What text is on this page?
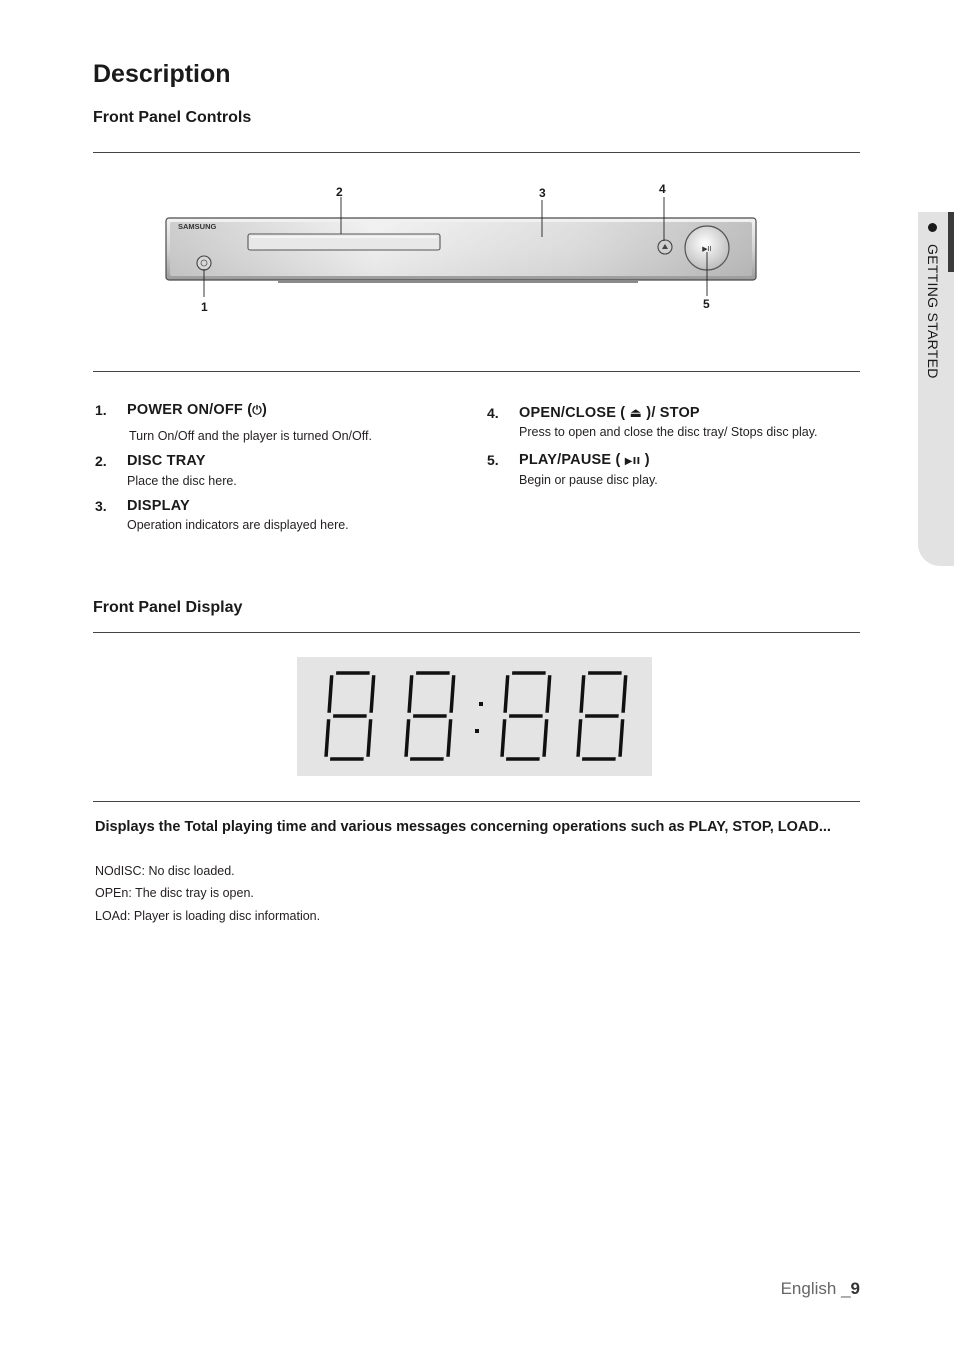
GETTING STARTED
Description
Front Panel Controls
SAMSUNG
▶II
1
2	3	4
5
1. POWER ON/OFF (⏻)
Turn On/Off and the player is turned On/Off.
2. DISC TRAY
Place the disc here.
3. DISPLAY
Operation indicators are displayed here.
4. OPEN/CLOSE ( ⏏ )/ STOP
Press to open and close the disc tray/ Stops disc play.
5. PLAY/PAUSE ( ▶II )
Begin or pause disc play.
Front Panel Display
Displays the Total playing time and various messages concerning operations such as PLAY, STOP, LOAD...
NOdISC: No disc loaded.
OPEn: The disc tray is open.
LOAd: Player is loading disc information.
English _9
